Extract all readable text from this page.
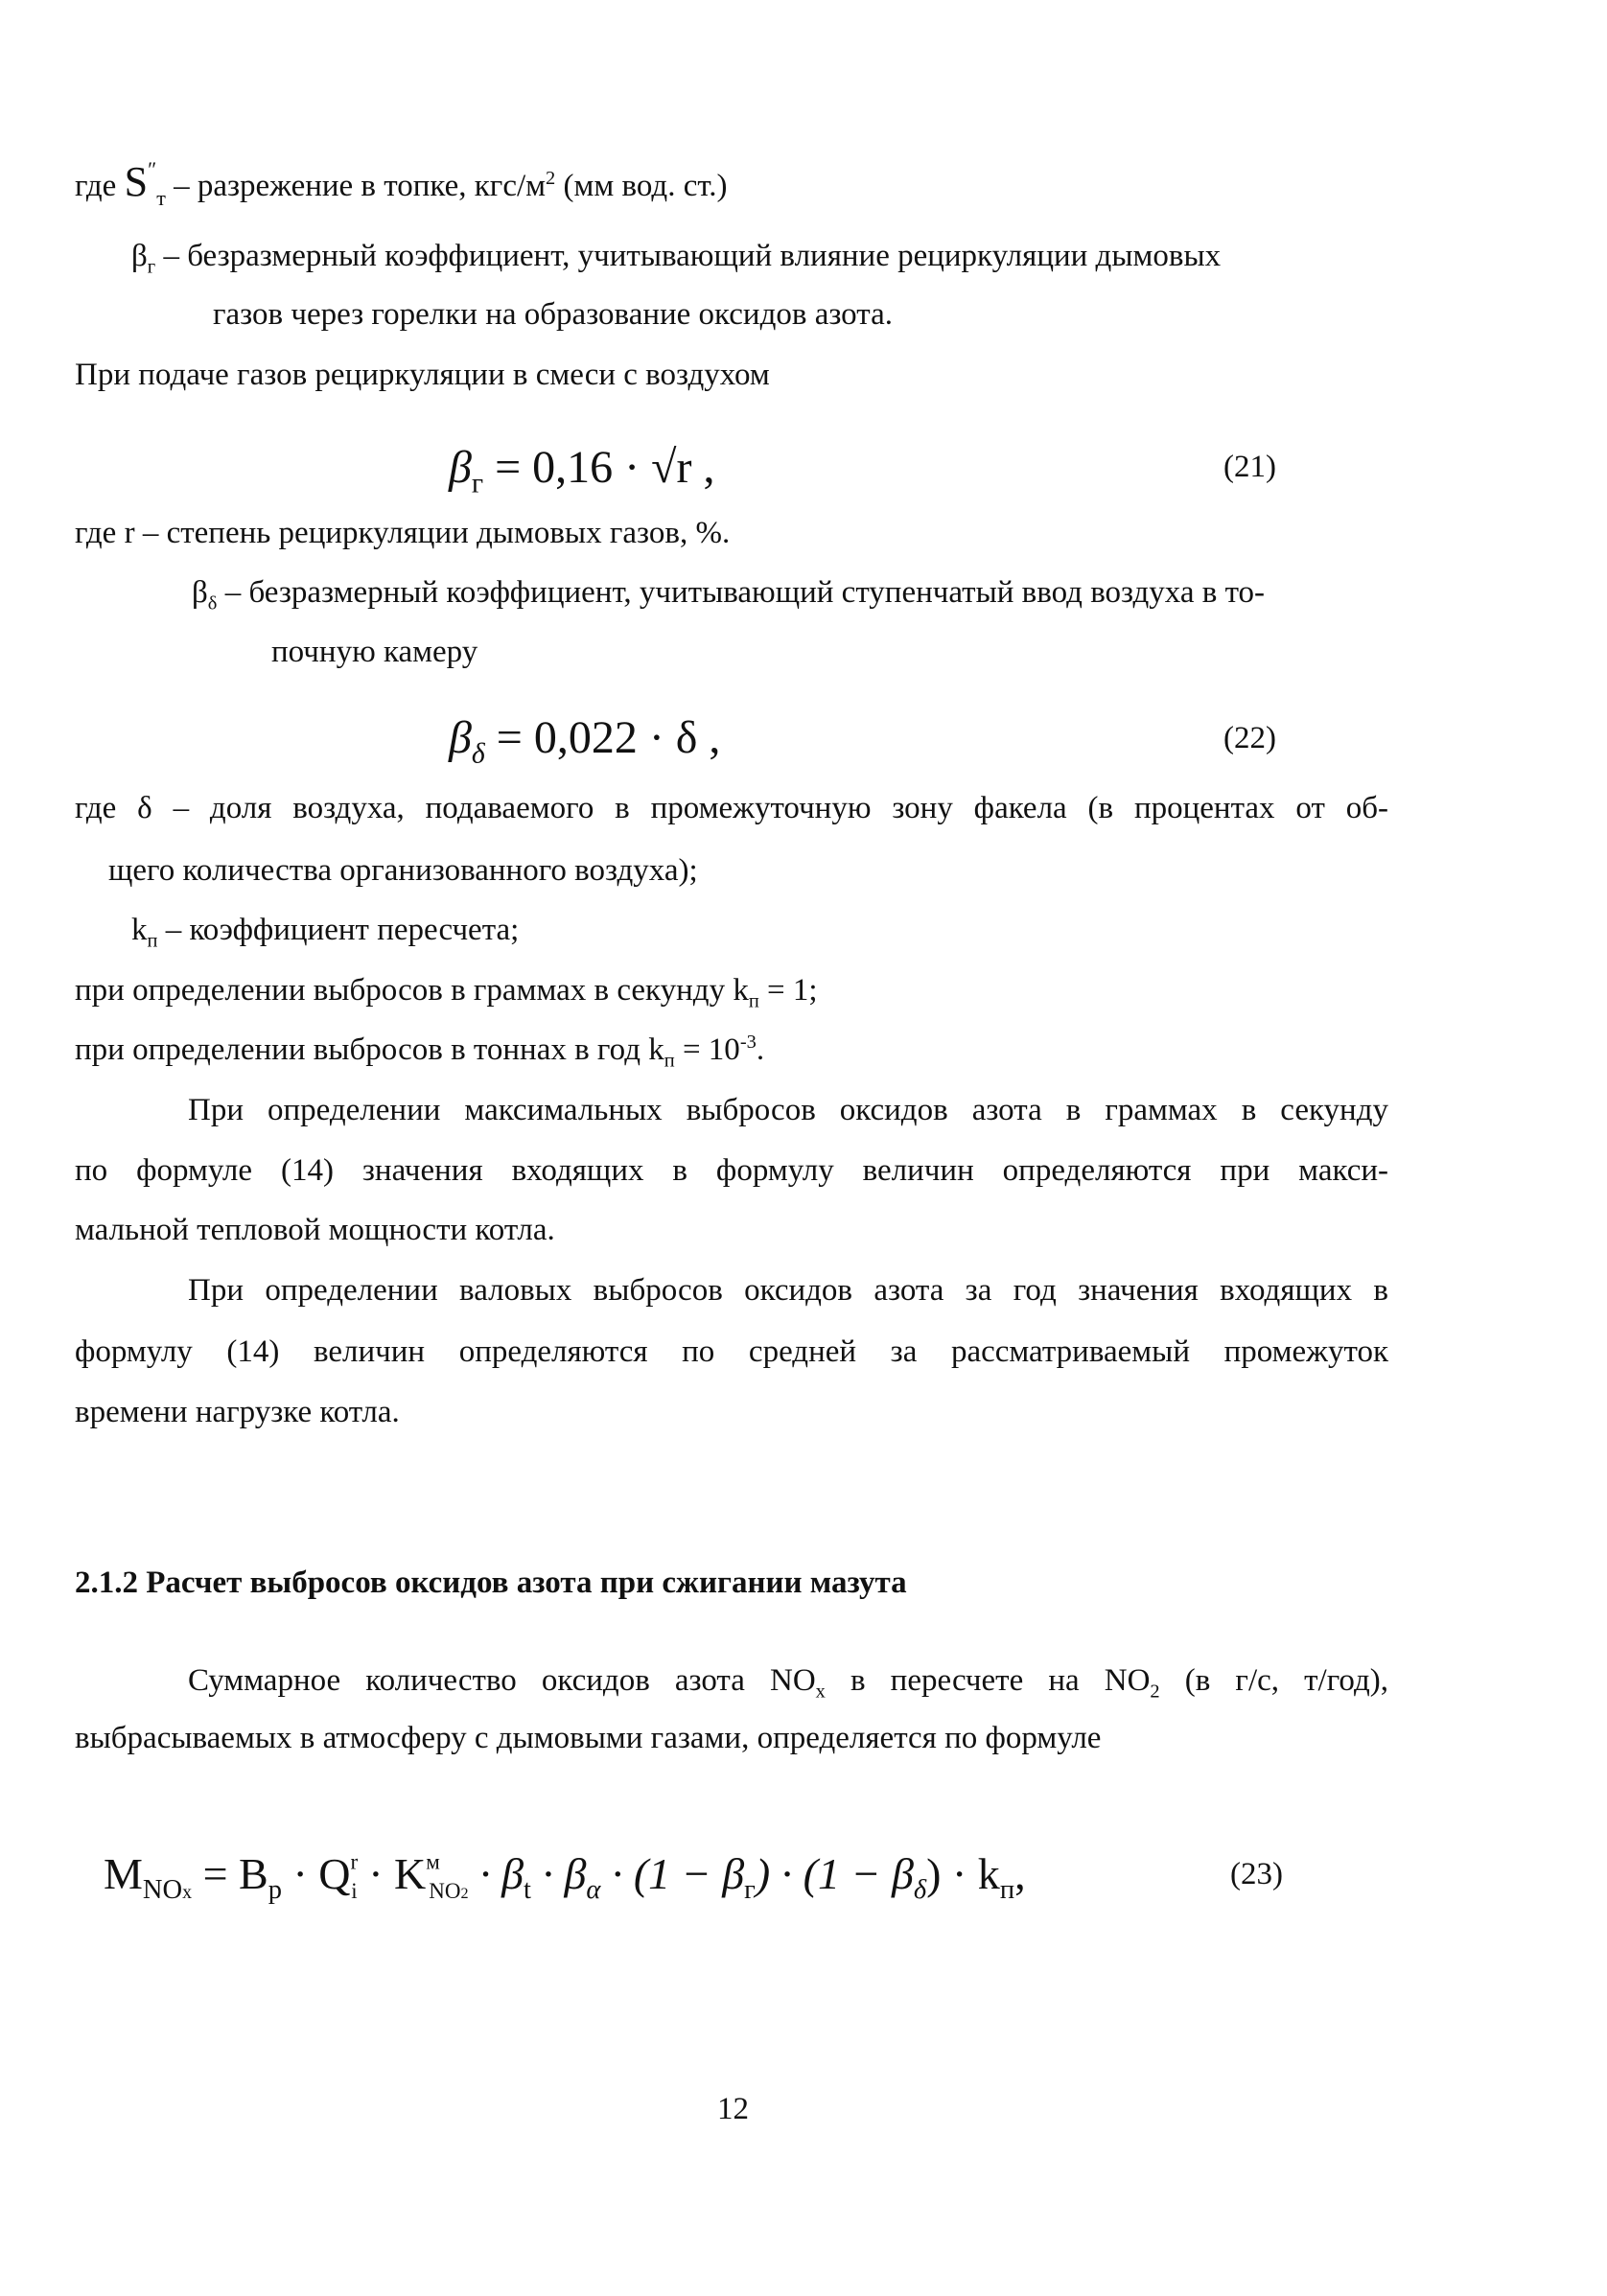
где $S''_т$ – разрежение в топке, кгс/$м^2$ (мм вод. ст.)
$\beta_г$ – безразмерный коэффициент, учитывающий влияние рециркуляции дымовых
газов через горелки на образование оксидов азота.
При подаче газов рециркуляции в смеси с воздухом
$\beta_г = 0,16 \cdot √r$ ,	(21)
где r – степень рециркуляции дымовых газов, %.
$\beta_\delta$ – безразмерный коэффициент, учитывающий ступенчатый ввод воздуха в то-
почную камеру
$\beta_\delta = 0,022 \cdot \delta$ ,	(22)
где δ – доля воздуха, подаваемого в промежуточную зону факела (в процентах от об-
щего количества организованного воздуха);
$k_п$ – коэффициент пересчета;
при определении выбросов в граммах в секунду $k_п = 1$;
при определении выбросов в тоннах в год $k_п = 10^{-3}$.
При определении максимальных выбросов оксидов азота в граммах в секунду
по формуле (14) значения входящих в формулу величин определяются при макси-
мальной тепловой мощности котла.
При определении валовых выбросов оксидов азота за год значения входящих в
формулу (14) величин определяются по средней за рассматриваемый промежуток
времени нагрузке котла.
2.1.2 Расчет выбросов оксидов азота при сжигании мазута
Суммарное количество оксидов азота $NO_x$ в пересчете на $NO_2$ (в г/с, т/год),
выбрасываемых в атмосферу с дымовыми газами, определяется по формуле
$M_{NOx} = B_p \cdot Q^r_i \cdot K^м_{NO2} \cdot \beta_t \cdot \beta_\alpha \cdot (1 - \beta_г) \cdot (1 - \beta_\delta) \cdot k_п$,	(23)
12
